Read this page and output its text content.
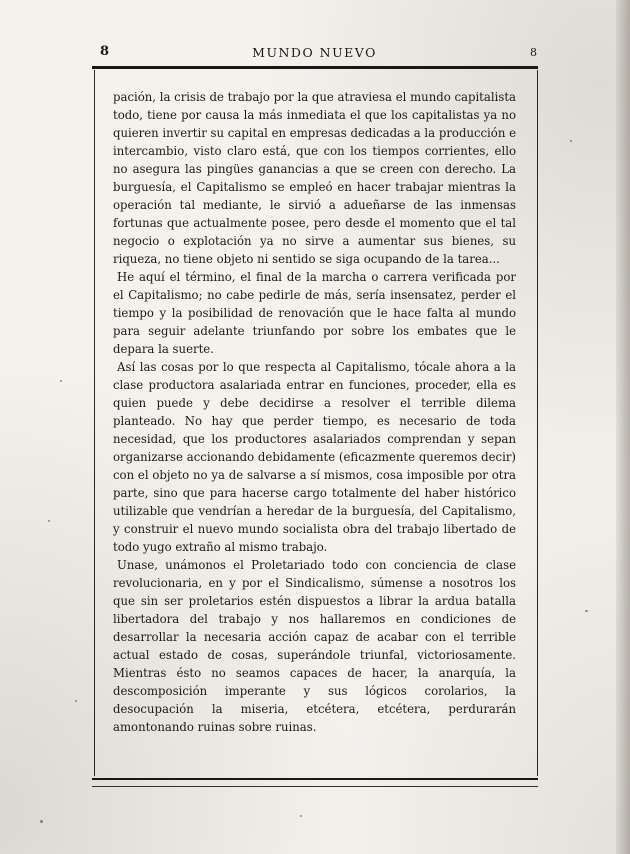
8	MUNDO NUEVO	8

pación, la crisis de trabajo por la que atraviesa el mundo capitalista todo, tiene por causa la más inmediata el que los capitalistas ya no quieren invertir su capital en empresas dedicadas a la producción e intercambio, visto claro está, que con los tiempos corrientes, ello no asegura las pingües ganancias a que se creen con derecho. La burguesía, el Capitalismo se empleó en hacer trabajar mientras la operación tal mediante, le sirvió a adueñarse de las inmensas fortunas que actualmente posee, pero desde el momento que el tal negocio o explotación ya no sirve a aumentar sus bienes, su riqueza, no tiene objeto ni sentido se siga ocupando de la tarea...

He aquí el término, el final de la marcha o carrera verificada por el Capitalismo; no cabe pedirle de más, sería insensatez, perder el tiempo y la posibilidad de renovación que le hace falta al mundo para seguir adelante triunfando por sobre los embates que le depara la suerte.

Así las cosas por lo que respecta al Capitalismo, tócale ahora a la clase productora asalariada entrar en funciones, proceder, ella es quien puede y debe decidirse a resolver el terrible dilema planteado. No hay que perder tiempo, es necesario de toda necesidad, que los productores asalariados comprendan y sepan organizarse accionando debidamente (eficazmente queremos decir) con el objeto no ya de salvarse a sí mismos, cosa imposible por otra parte, sino que para hacerse cargo totalmente del haber histórico utilizable que vendrían a heredar de la burguesía, del Capitalismo, y construir el nuevo mundo socialista obra del trabajo libertado de todo yugo extraño al mismo trabajo.

Unase, unámonos el Proletariado todo con conciencia de clase revolucionaria, en y por el Sindicalismo, súmense a nosotros los que sin ser proletarios estén dispuestos a librar la ardua batalla libertadora del trabajo y nos hallaremos en condiciones de desarrollar la necesaria acción capaz de acabar con el terrible actual estado de cosas, superándole triunfal, victoriosamente. Mientras ésto no seamos capaces de hacer, la anarquía, la descomposición imperante y sus lógicos corolarios, la desocupación la miseria, etcétera, etcétera, perdurarán amontonando ruinas sobre ruinas.
